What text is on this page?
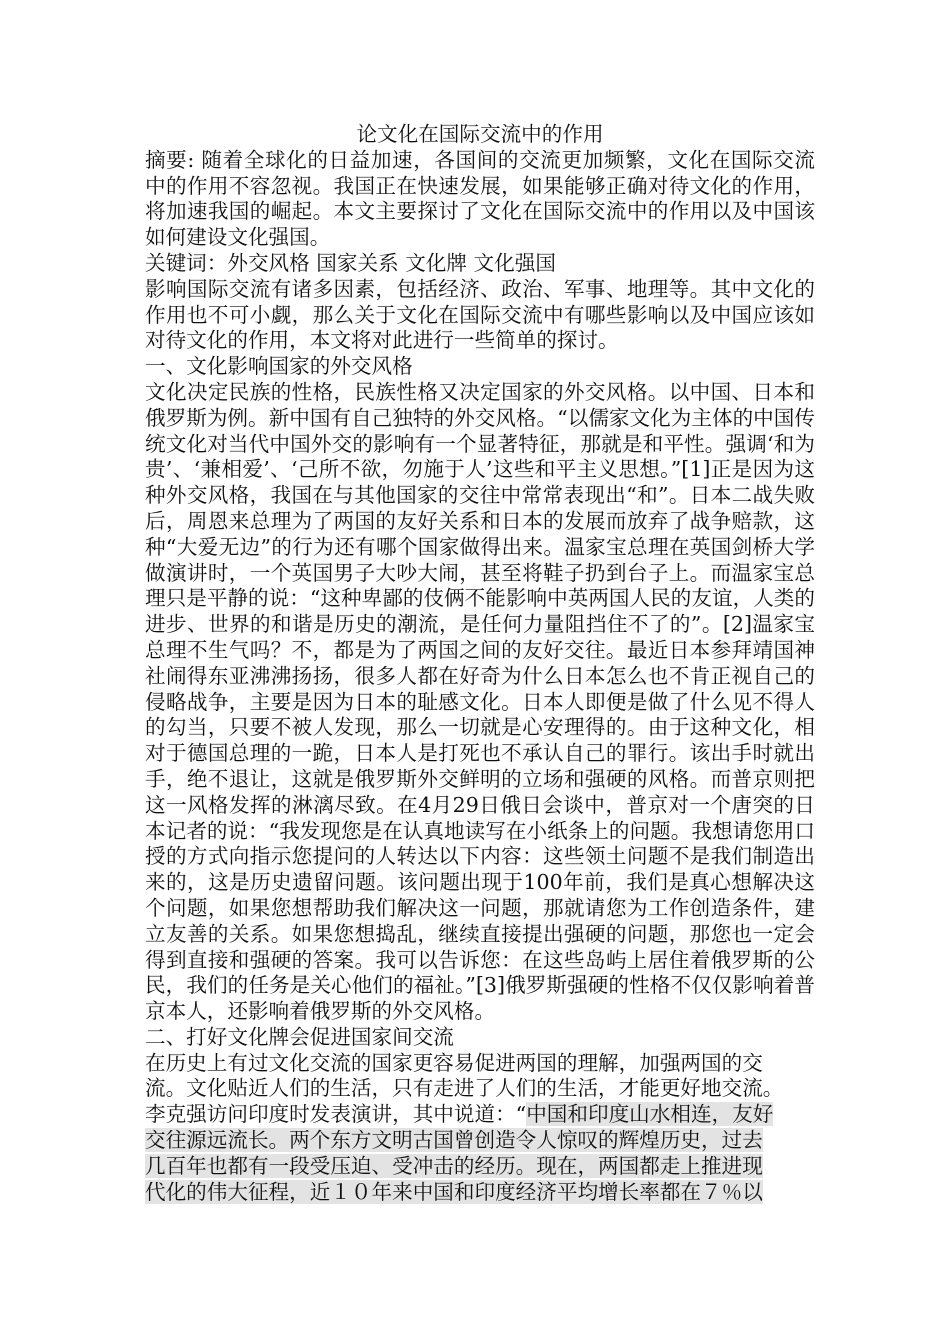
论文化在国际交流中的作用

摘要: 随着全球化的日益加速，各国间的交流更加频繁，文化在国际交流中的作用不容忽视。我国正在快速发展，如果能够正确对待文化的作用，将加速我国的崛起。本文主要探讨了文化在国际交流中的作用以及中国该如何建设文化强国。

关键词：外交风格 国家关系 文化牌 文化强国

影响国际交流有诸多因素，包括经济、政治、军事、地理等。其中文化的作用也不可小觑，那么关于文化在国际交流中有哪些影响以及中国应该如对待文化的作用，本文将对此进行一些简单的探讨。

一、文化影响国家的外交风格

文化决定民族的性格，民族性格又决定国家的外交风格。以中国、日本和俄罗斯为例。新中国有自己独特的外交风格。“以儒家文化为主体的中国传统文化对当代中国外交的影响有一个显著特征，那就是和平性。强调‘和为贵’、‘兼相爱’、‘己所不欲，勿施于人’这些和平主义思想。”[1]正是因为这种外交风格，我国在与其他国家的交往中常常表现出“和”。日本二战失败后，周恩来总理为了两国的友好关系和日本的发展而放弃了战争赔款，这种“大爱无边”的行为还有哪个国家做得出来。温家宝总理在英国剑桥大学做演讲时，一个英国男子大吵大闹，甚至将鞋子扔到台子上。而温家宝总理只是平静的说：“这种卑鄙的伎俩不能影响中英两国人民的友谊，人类的进步、世界的和谐是历史的潮流，是任何力量阻挡住不了的”。[2]温家宝总理不生气吗？不，都是为了两国之间的友好交往。最近日本参拜靖国神社闹得东亚沸沸扬扬，很多人都在好奇为什么日本怎么也不肯正视自己的侵略战争，主要是因为日本的耻感文化。日本人即便是做了什么见不得人的勾当，只要不被人发现，那么一切就是心安理得的。由于这种文化，相对于德国总理的一跪，日本人是打死也不承认自己的罪行。该出手时就出手，绝不退让，这就是俄罗斯外交鲜明的立场和强硬的风格。而普京则把这一风格发挥的淋漓尽致。在4月29日俄日会谈中，普京对一个唐突的日本记者的说：“我发现您是在认真地读写在小纸条上的问题。我想请您用口授的方式向指示您提问的人转达以下内容：这些领土问题不是我们制造出来的，这是历史遗留问题。该问题出现于100年前，我们是真心想解决这个问题，如果您想帮助我们解决这一问题，那就请您为工作创造条件，建立友善的关系。如果您想捣乱，继续直接提出强硬的问题，那您也一定会得到直接和强硬的答案。我可以告诉您：在这些岛屿上居住着俄罗斯的公民，我们的任务是关心他们的福祉。”[3]俄罗斯强硬的性格不仅仅影响着普京本人，还影响着俄罗斯的外交风格。

二、打好文化牌会促进国家间交流

在历史上有过文化交流的国家更容易促进两国的理解，加强两国的交

流。文化贴近人们的生活，只有走进了人们的生活，才能更好地交流。

李克强访问印度时发表演讲，其中说道：“中国和印度山水相连，友好

交往源远流长。两个东方文明古国曾创造令人惊叹的辉煌历史，过去

几百年也都有一段受压迫、受冲击的经历。现在，两国都走上推进现

代化的伟大征程，近１０年来中国和印度经济平均增长率都在７％以
